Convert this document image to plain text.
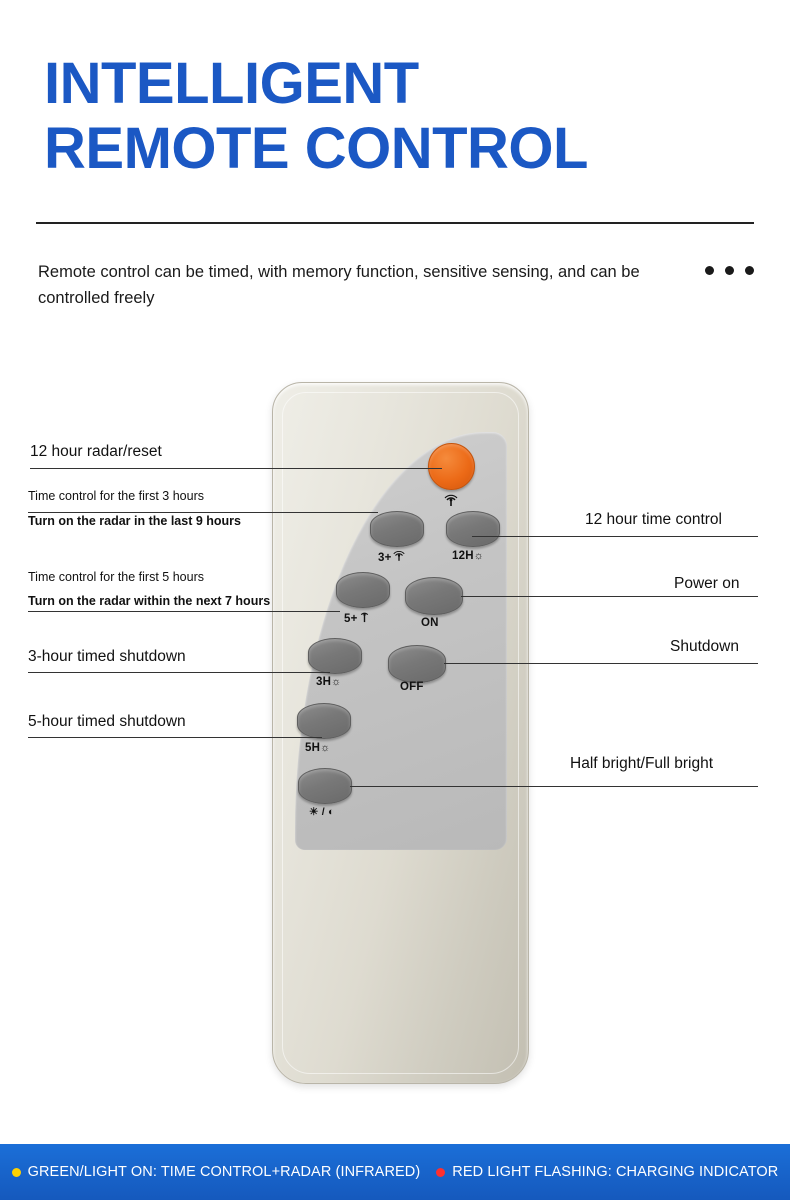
INTELLIGENT
REMOTE CONTROL
Remote control can be timed, with memory function, sensitive sensing, and can be controlled freely
3+	12H☼
5+	ON
3H☼	OFF
5H☼
☀ / ◐
12 hour radar/reset
Time control for the first 3 hours
Turn on the radar in the last 9 hours
Time control for the first 5 hours
Turn on the radar within the next 7 hours
3-hour timed shutdown
5-hour timed shutdown
12 hour time control
Power on
Shutdown
Half bright/Full bright
GREEN/LIGHT ON: TIME CONTROL+RADAR (INFRARED) RED LIGHT FLASHING: CHARGING INDICATOR
